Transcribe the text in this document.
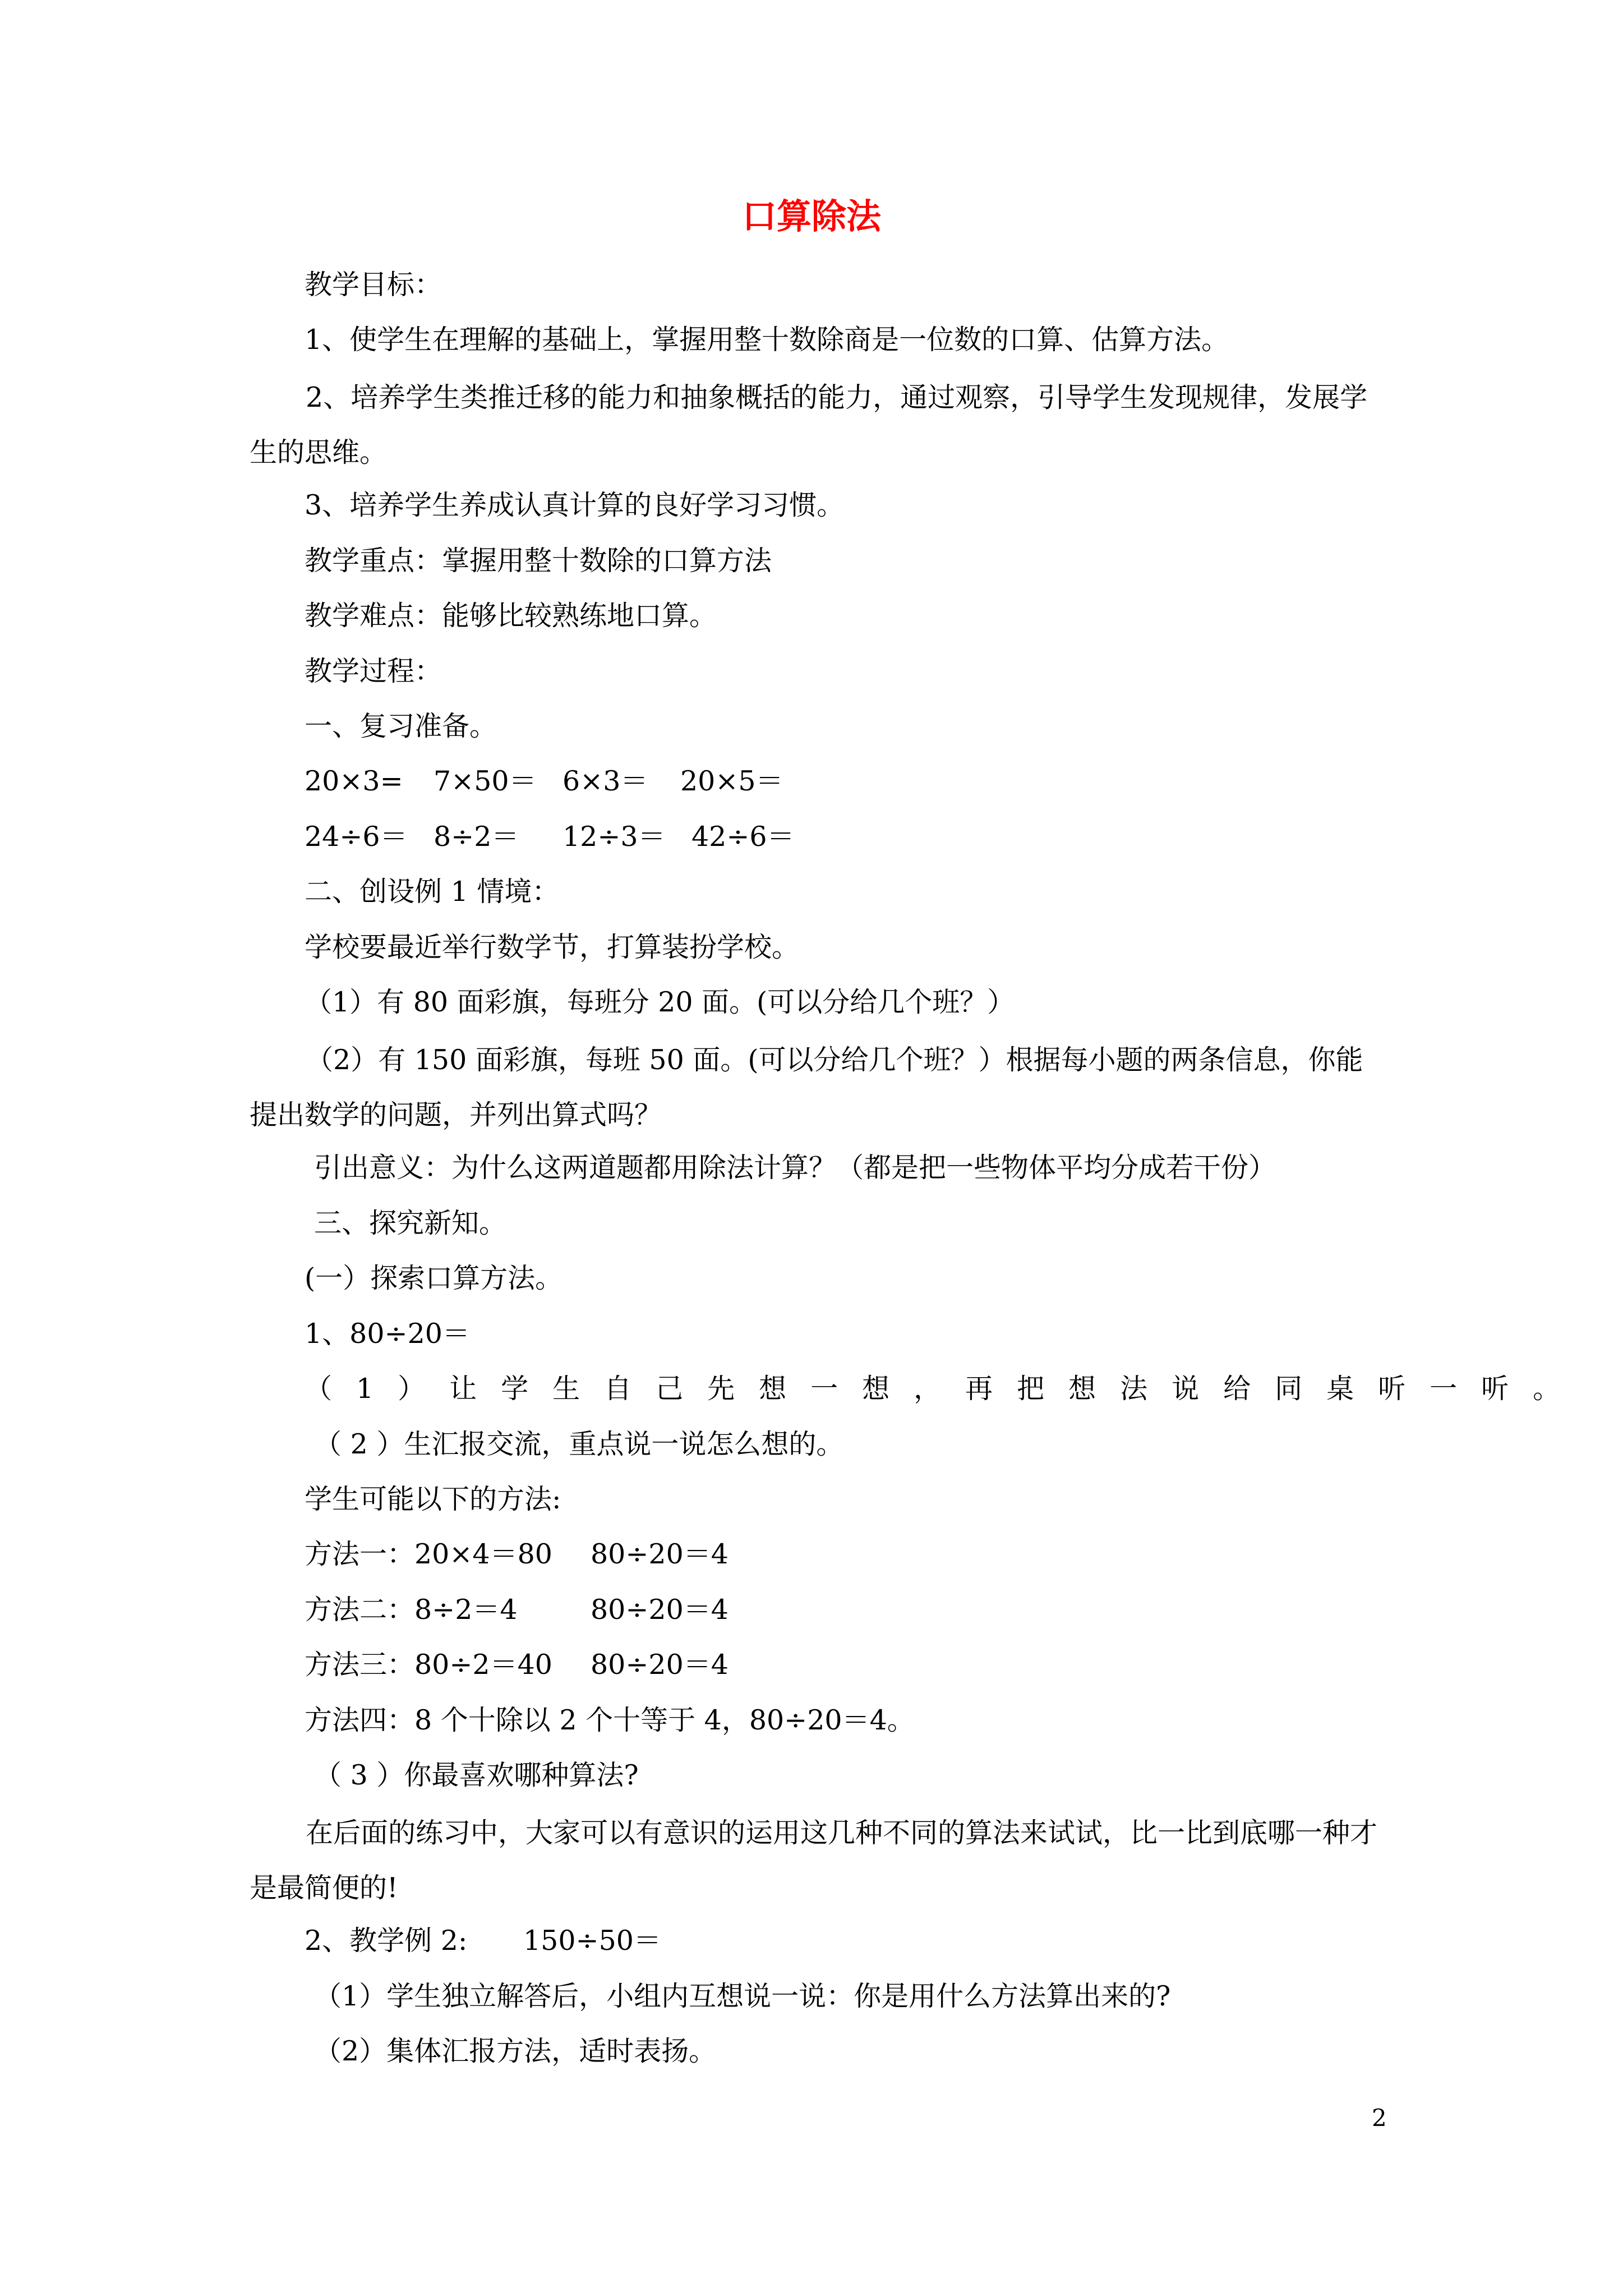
口算除法
教学目标：
1、使学生在理解的基础上，掌握用整十数除商是一位数的口算、估算方法。
2、培养学生类推迁移的能力和抽象概括的能力，通过观察，引导学生发现规律，发展学生的思维。
3、培养学生养成认真计算的良好学习习惯。
教学重点：掌握用整十数除的口算方法
教学难点：能够比较熟练地口算。
教学过程：
一、复习准备。
20×3= 7×50＝ 6×3＝ 20×5＝
24÷6＝ 8÷2＝ 12÷3＝ 42÷6＝
二、创设例 1 情境：
学校要最近举行数学节，打算装扮学校。
（1）有 80 面彩旗，每班分 20 面。(可以分给几个班？）
（2）有 150 面彩旗，每班 50 面。(可以分给几个班？）根据每小题的两条信息，你能提出数学的问题，并列出算式吗？
引出意义：为什么这两道题都用除法计算？（都是把一些物体平均分成若干份）
三、探究新知。
(一）探索口算方法。
1、80÷20＝
（1）让学生自己先想一想，再把想法说给同桌听一听。
（ 2 ）生汇报交流，重点说一说怎么想的。
学生可能以下的方法:
方法一：20×4＝80 80÷20＝4
方法二：8÷2＝4	80÷20＝4
方法三：80÷2＝40 80÷20＝4
方法四：8 个十除以 2 个十等于 4，80÷20＝4。
（ 3 ）你最喜欢哪种算法?
在后面的练习中，大家可以有意识的运用这几种不同的算法来试试，比一比到底哪一种才是最简便的!
2、教学例 2: 150÷50＝
（1）学生独立解答后，小组内互想说一说：你是用什么方法算出来的?
（2）集体汇报方法，适时表扬。
2
